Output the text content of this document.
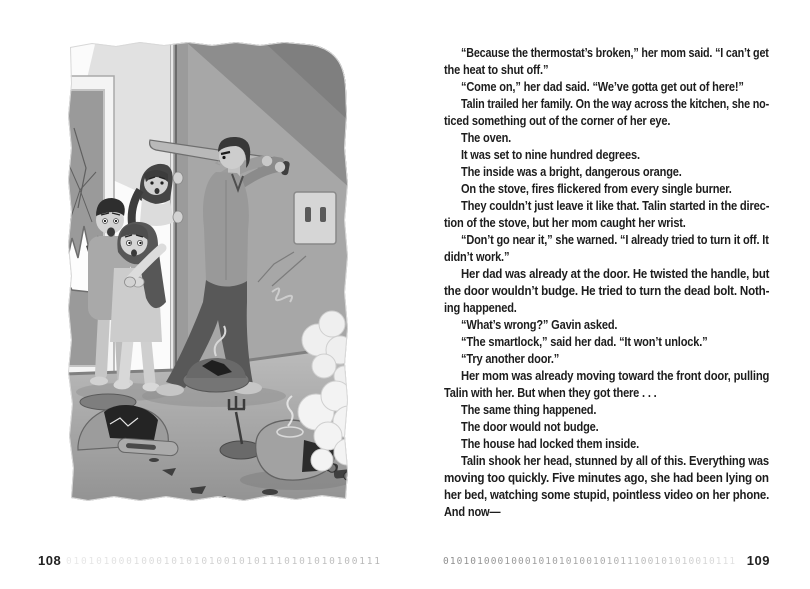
“Because the thermostat’s broken,” her mom said. “I can’t get
the heat to shut off.”
“Come on,” her dad said. “We’ve gotta get out of here!”
Talin trailed her family. On the way across the kitchen, she no-
ticed something out of the corner of her eye.
The oven.
It was set to nine hundred degrees.
The inside was a bright, dangerous orange.
On the stove, fires flickered from every single burner.
They couldn’t just leave it like that. Talin started in the direc-
tion of the stove, but her mom caught her wrist.
“Don’t go near it,” she warned. “I already tried to turn it off. It
didn’t work.”
Her dad was already at the door. He twisted the handle, but
the door wouldn’t budge. He tried to turn the dead bolt. Noth-
ing happened.
“What’s wrong?” Gavin asked.
“The smartlock,” said her dad. “It won’t unlock.”
“Try another door.”
Her mom was already moving toward the front door, pulling
Talin with her. But when they got there . . .
The same thing happened.
The door would not budge.
The house had locked them inside.
Talin shook her head, stunned by all of this. Everything was
moving too quickly. Five minutes ago, she had been lying on
her bed, watching some stupid, pointless video on her phone.
And now—
108 010101000100010101010010101110101010100111	0101010001000101010100101011100101010010111 109
